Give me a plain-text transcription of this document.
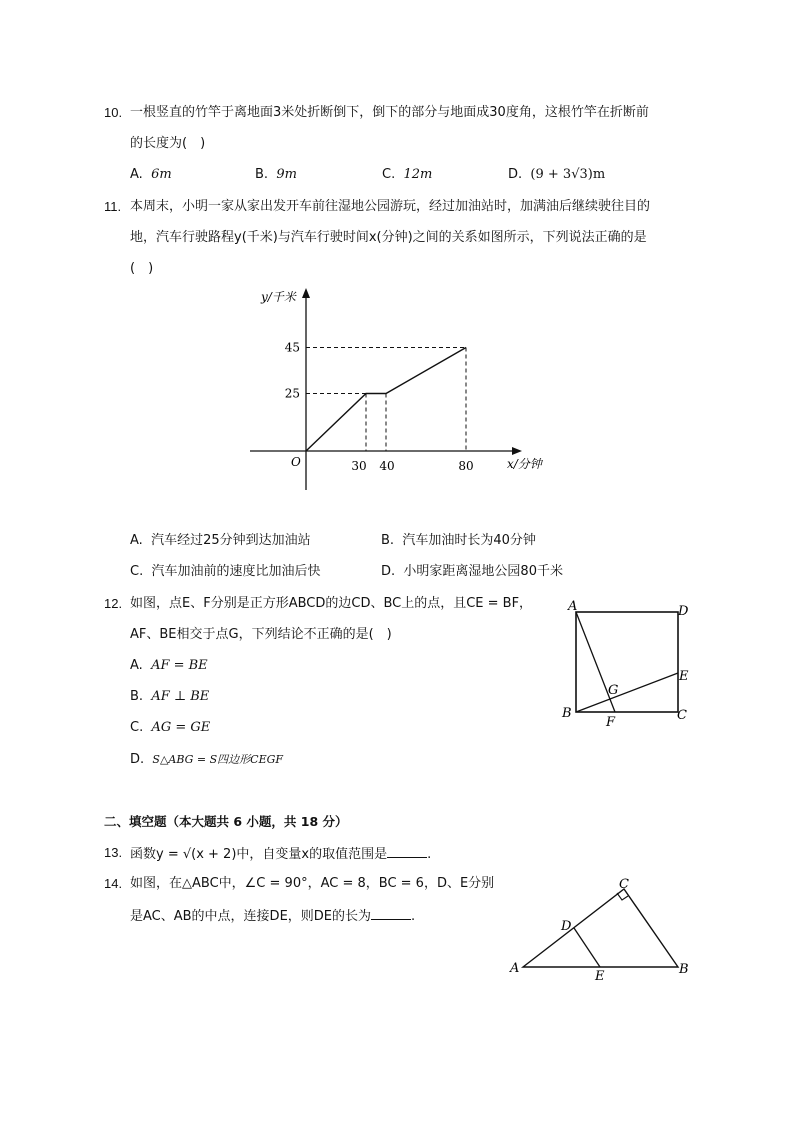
10. 一根竖直的竹竿于离地面3米处折断倒下，倒下的部分与地面成30度角，这根竹竿在折断前
的长度为(　)
A. 6m	B. 9m	C. 12m	D. (9 + 3√3)m
11. 本周末，小明一家从家出发开车前往湿地公园游玩，经过加油站时，加满油后继续驶往目的
地，汽车行驶路程y(千米)与汽车行驶时间x(分钟)之间的关系如图所示，下列说法正确的是
(　)
30 40	80
25
45
O	x/分钟
y/千米
A. 汽车经过25分钟到达加油站	B. 汽车加油时长为40分钟
C. 汽车加油前的速度比加油后快	D. 小明家距离湿地公园80千米
12. 如图，点E、F分别是正方形ABCD的边CD、BC上的点，且CE = BF，
AF、BE相交于点G，下列结论不正确的是(　)
A. AF = BE
B. AF ⊥ BE
C. AG = GE
D. S△ABG = S四边形CEGF
A	D
B	C
E
F
G
二、填空题（本大题共 6 小题，共 18 分）
13. 函数y = √(x + 2)中，自变量x的取值范围是	.
14. 如图，在△ABC中，∠C = 90°，AC = 8，BC = 6，D、E分别
是AC、AB的中点，连接DE，则DE的长为	.
A	B
C
D
E
